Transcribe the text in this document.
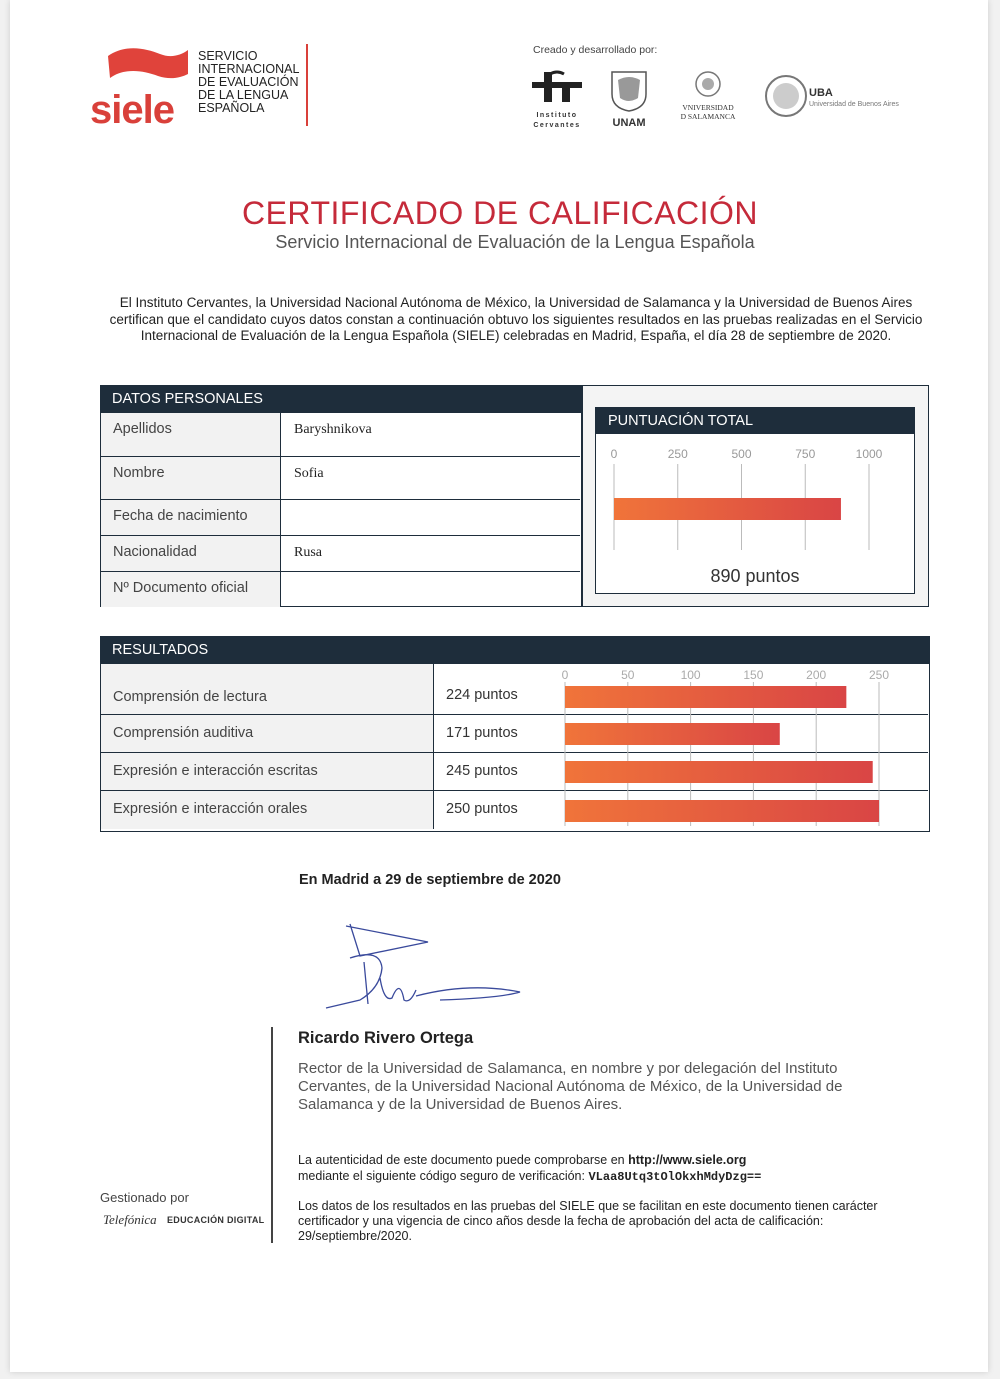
siele
SERVICIO
INTERNACIONAL
DE EVALUACIÓN
DE LA LENGUA
ESPAÑOLA
Creado y desarrollado por:
Instituto
Cervantes	UNAM
VNIVERSIDAD
D SALAMANCA
UBA
Universidad de Buenos Aires
CERTIFICADO DE CALIFICACIÓN
Servicio Internacional de Evaluación de la Lengua Española
El Instituto Cervantes, la Universidad Nacional Autónoma de México, la Universidad de Salamanca y la Universidad de Buenos Aires certifican que el candidato cuyos datos constan a continuación obtuvo los siguientes resultados en las pruebas realizadas en el Servicio Internacional de Evaluación de la Lengua Española (SIELE) celebradas en Madrid, España, el día 28 de septiembre de 2020.
DATOS PERSONALES
Apellidos	Baryshnikova
Nombre	Sofia
Fecha de nacimiento
Nacionalidad	Rusa
Nº Documento oficial
PUNTUACIÓN TOTAL
0	250	500	750	1000
890 puntos
RESULTADOS
Comprensión de lectura	224 puntos
Comprensión auditiva	171 puntos
Expresión e interacción escritas	245 puntos
Expresión e interacción orales	250 puntos
0	50	100	150	200	250
En Madrid a 29 de septiembre de 2020
Ricardo Rivero Ortega
Rector de la Universidad de Salamanca, en nombre y por delegación del Instituto Cervantes, de la Universidad Nacional Autónoma de México, de la Universidad de Salamanca y de la Universidad de Buenos Aires.
La autenticidad de este documento puede comprobarse en http://www.siele.org
mediante el siguiente código seguro de verificación: VLaa8Utq3tOlOkxhMdyDzg==
Los datos de los resultados en las pruebas del SIELE que se facilitan en este documento tienen carácter certificador y una vigencia de cinco años desde la fecha de aprobación del acta de calificación: 29/septiembre/2020.
Gestionado por
Telefónica EDUCACIÓN DIGITAL
